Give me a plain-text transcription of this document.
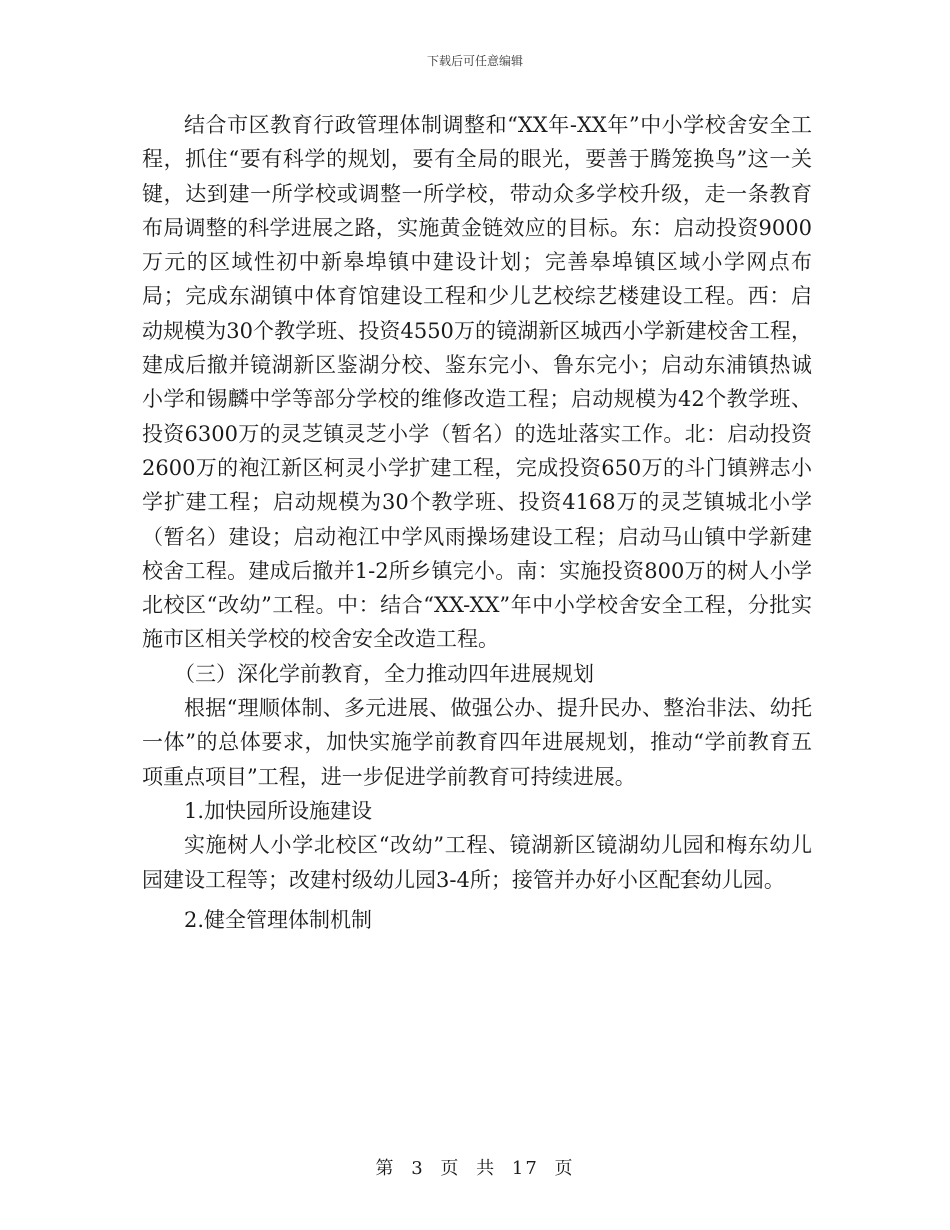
下载后可任意编辑

结合市区教育行政管理体制调整和“XX年-XX年”中小学校舍安全工程，抓住“要有科学的规划，要有全局的眼光，要善于腾笼换鸟”这一关键，达到建一所学校或调整一所学校，带动众多学校升级，走一条教育布局调整的科学进展之路，实施黄金链效应的目标。东：启动投资9000万元的区域性初中新皋埠镇中建设计划；完善皋埠镇区域小学网点布局；完成东湖镇中体育馆建设工程和少儿艺校综艺楼建设工程。西：启动规模为30个教学班、投资4550万的镜湖新区城西小学新建校舍工程，建成后撤并镜湖新区鉴湖分校、鉴东完小、鲁东完小；启动东浦镇热诚小学和锡麟中学等部分学校的维修改造工程；启动规模为42个教学班、投资6300万的灵芝镇灵芝小学（暂名）的选址落实工作。北：启动投资2600万的袍江新区柯灵小学扩建工程，完成投资650万的斗门镇辨志小学扩建工程；启动规模为30个教学班、投资4168万的灵芝镇城北小学（暂名）建设；启动袍江中学风雨操场建设工程；启动马山镇中学新建校舍工程。建成后撤并1-2所乡镇完小。南：实施投资800万的树人小学北校区“改幼”工程。中：结合“XX-XX”年中小学校舍安全工程，分批实施市区相关学校的校舍安全改造工程。

（三）深化学前教育，全力推动四年进展规划

根据“理顺体制、多元进展、做强公办、提升民办、整治非法、幼托一体”的总体要求，加快实施学前教育四年进展规划，推动“学前教育五项重点项目”工程，进一步促进学前教育可持续进展。

1.加快园所设施建设

实施树人小学北校区“改幼”工程、镜湖新区镜湖幼儿园和梅东幼儿园建设工程等；改建村级幼儿园3-4所；接管并办好小区配套幼儿园。

2.健全管理体制机制

第 3 页 共 17 页
